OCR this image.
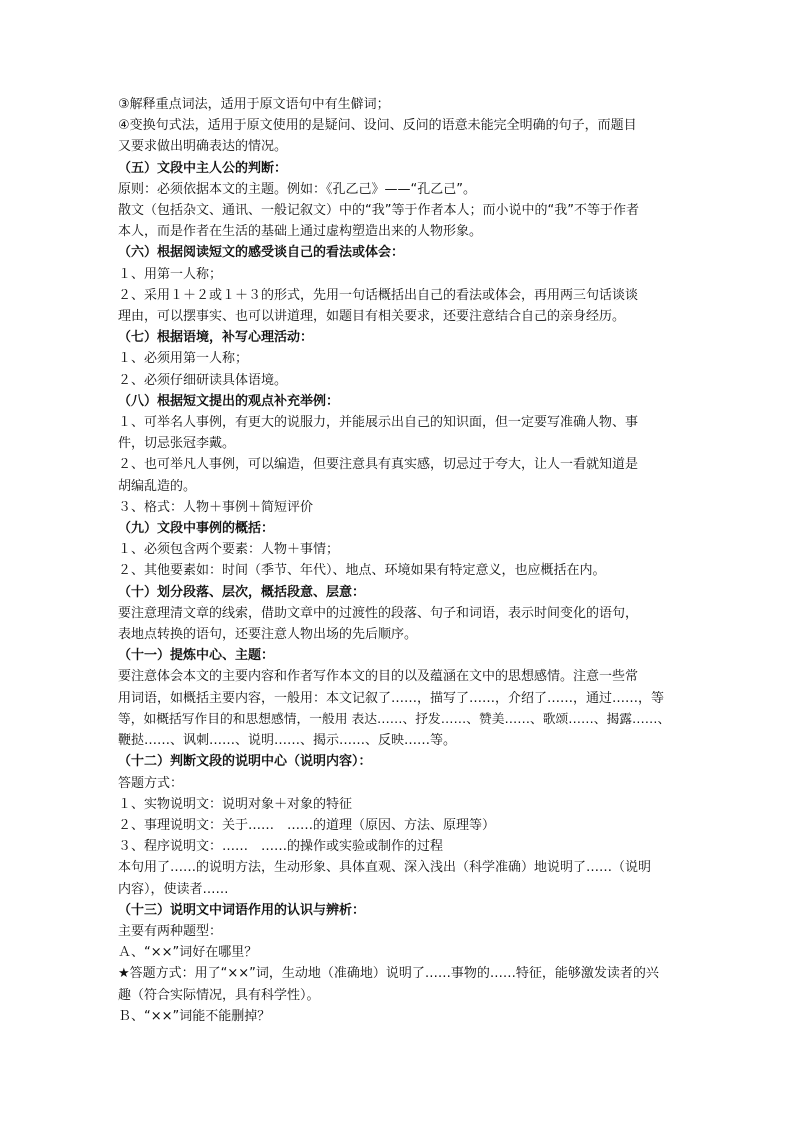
③解释重点词法，适用于原文语句中有生僻词；
④变换句式法，适用于原文使用的是疑问、设问、反问的语意未能完全明确的句子，而题目
又要求做出明确表达的情况。
（五）文段中主人公的判断：
原则：必须依据本文的主题。例如：《孔乙己》——“孔乙己”。
散文（包括杂文、通讯、一般记叙文）中的“我”等于作者本人；而小说中的“我”不等于作者
本人，而是作者在生活的基础上通过虚构塑造出来的人物形象。
（六）根据阅读短文的感受谈自己的看法或体会：
１、用第一人称；
２、采用１＋２或１＋３的形式，先用一句话概括出自己的看法或体会，再用两三句话谈谈
理由，可以摆事实、也可以讲道理，如题目有相关要求，还要注意结合自己的亲身经历。
（七）根据语境，补写心理活动：
１、必须用第一人称；
２、必须仔细研读具体语境。
（八）根据短文提出的观点补充举例：
１、可举名人事例，有更大的说服力，并能展示出自己的知识面，但一定要写准确人物、事
件，切忌张冠李戴。
２、也可举凡人事例，可以编造，但要注意具有真实感，切忌过于夸大，让人一看就知道是
胡编乱造的。
３、格式：人物＋事例＋简短评价
（九）文段中事例的概括：
１、必须包含两个要素：人物＋事情；
２、其他要素如：时间（季节、年代）、地点、环境如果有特定意义，也应概括在内。
（十）划分段落、层次，概括段意、层意：
要注意理清文章的线索，借助文章中的过渡性的段落、句子和词语，表示时间变化的语句，
表地点转换的语句，还要注意人物出场的先后顺序。
（十一）提炼中心、主题：
要注意体会本文的主要内容和作者写作本文的目的以及蕴涵在文中的思想感情。注意一些常
用词语，如概括主要内容，一般用：本文记叙了……，描写了……，介绍了……，通过……，等
等，如概括写作目的和思想感情，一般用 表达……、抒发……、赞美……、歌颂……、揭露……、
鞭挞……、讽刺……、说明……、揭示……、反映……等。
（十二）判断文段的说明中心（说明内容）：
答题方式：
１、实物说明文：说明对象＋对象的特征
２、事理说明文：关于……　……的道理（原因、方法、原理等）
３、程序说明文：……　……的操作或实验或制作的过程
本句用了……的说明方法，生动形象、具体直观、深入浅出（科学准确）地说明了……（说明
内容），使读者……
（十三）说明文中词语作用的认识与辨析：
主要有两种题型：
Ａ、“××”词好在哪里？
★答题方式：用了“××”词，生动地（准确地）说明了……事物的……特征，能够激发读者的兴
趣（符合实际情况，具有科学性）。
Ｂ、“××”词能不能删掉？
